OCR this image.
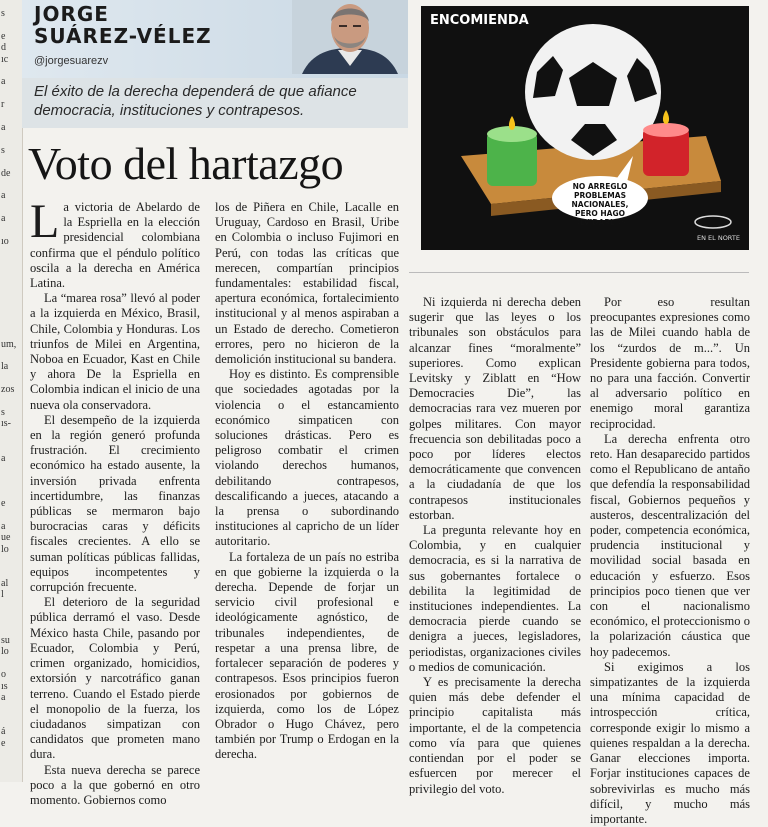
s
e
d
ıc
a
r
a
s
de
a
a
ıo
um,
la
zos
s
ıs-
a
e
a
ue
lo
al
l
su
lo
o
ıs
a
á
e
JORGE
SUÁREZ-VÉLEZ
@jorgesuarezv
El éxito de la derecha dependerá de que afiance democracia, instituciones y contrapesos.
Voto del hartazgo
ENCOMIENDA
NO ARREGLO PROBLEMAS NACIONALES, PERO HAGO OLVIDARLOS
EN EL NORTE

La victoria de Abelardo de la Espriella en la elección presidencial colombiana confirma que el péndulo político oscila a la derecha en América Latina.

La “marea rosa” llevó al poder a la izquierda en México, Brasil, Chile, Colombia y Honduras. Los triunfos de Milei en Argentina, Noboa en Ecuador, Kast en Chile y ahora De la Espriella en Colombia indican el inicio de una nueva ola conservadora.

El desempeño de la izquierda en la región generó profunda frustración. El crecimiento económico ha estado ausente, la inversión privada enfrenta incertidumbre, las finanzas públicas se mermaron bajo burocracias caras y déficits fiscales crecientes. A ello se suman políticas públicas fallidas, equipos incompetentes y corrupción frecuente.

El deterioro de la seguridad pública derramó el vaso. Desde México hasta Chile, pasando por Ecuador, Colombia y Perú, crimen organizado, homicidios, extorsión y narcotráfico ganan terreno. Cuando el Estado pierde el monopolio de la fuerza, los ciudadanos simpatizan con candidatos que prometen mano dura.

Esta nueva derecha se parece poco a la que gobernó en otro momento. Gobiernos como

los de Piñera en Chile, Lacalle en Uruguay, Cardoso en Brasil, Uribe en Colombia o incluso Fujimori en Perú, con todas las críticas que merecen, compartían principios fundamentales: estabilidad fiscal, apertura económica, fortalecimiento institucional y al menos aspiraban a un Estado de derecho. Cometieron errores, pero no hicieron de la demolición institucional su bandera.

Hoy es distinto. Es comprensible que sociedades agotadas por la violencia o el estancamiento económico simpaticen con soluciones drásticas. Pero es peligroso combatir el crimen violando derechos humanos, debilitando contrapesos, descalificando a jueces, atacando a la prensa o subordinando instituciones al capricho de un líder autoritario.

La fortaleza de un país no estriba en que gobierne la izquierda o la derecha. Depende de forjar un servicio civil profesional e ideológicamente agnóstico, de tribunales independientes, de respetar a una prensa libre, de fortalecer separación de poderes y contrapesos. Esos principios fueron erosionados por gobiernos de izquierda, como los de López Obrador o Hugo Chávez, pero también por Trump o Erdogan en la derecha.

Ni izquierda ni derecha deben sugerir que las leyes o los tribunales son obstáculos para alcanzar fines “moralmente” superiores. Como explican Levitsky y Ziblatt en “How Democracies Die”, las democracias rara vez mueren por golpes militares. Con mayor frecuencia son debilitadas poco a poco por líderes electos democráticamente que convencen a la ciudadanía de que los contrapesos institucionales estorban.

La pregunta relevante hoy en Colombia, y en cualquier democracia, es si la narrativa de sus gobernantes fortalece o debilita la legitimidad de instituciones independientes. La democracia pierde cuando se denigra a jueces, legisladores, periodistas, organizaciones civiles o medios de comunicación.

Y es precisamente la derecha quien más debe defender el principio capitalista más importante, el de la competencia como vía para que quienes contiendan por el poder se esfuercen por merecer el privilegio del voto.

Por eso resultan preocupantes expresiones como las de Milei cuando habla de los “zurdos de m...”. Un Presidente gobierna para todos, no para una facción. Convertir al adversario político en enemigo moral garantiza reciprocidad.

La derecha enfrenta otro reto. Han desaparecido partidos como el Republicano de antaño que defendía la responsabilidad fiscal, Gobiernos pequeños y austeros, descentralización del poder, competencia económica, prudencia institucional y movilidad social basada en educación y esfuerzo. Esos principios poco tienen que ver con el nacionalismo económico, el proteccionismo o la polarización cáustica que hoy padecemos.

Si exigimos a los simpatizantes de la izquierda una mínima capacidad de introspección crítica, corresponde exigir lo mismo a quienes respaldan a la derecha. Ganar elecciones importa. Forjar instituciones capaces de sobrevivirlas es mucho más difícil, y mucho más importante.
